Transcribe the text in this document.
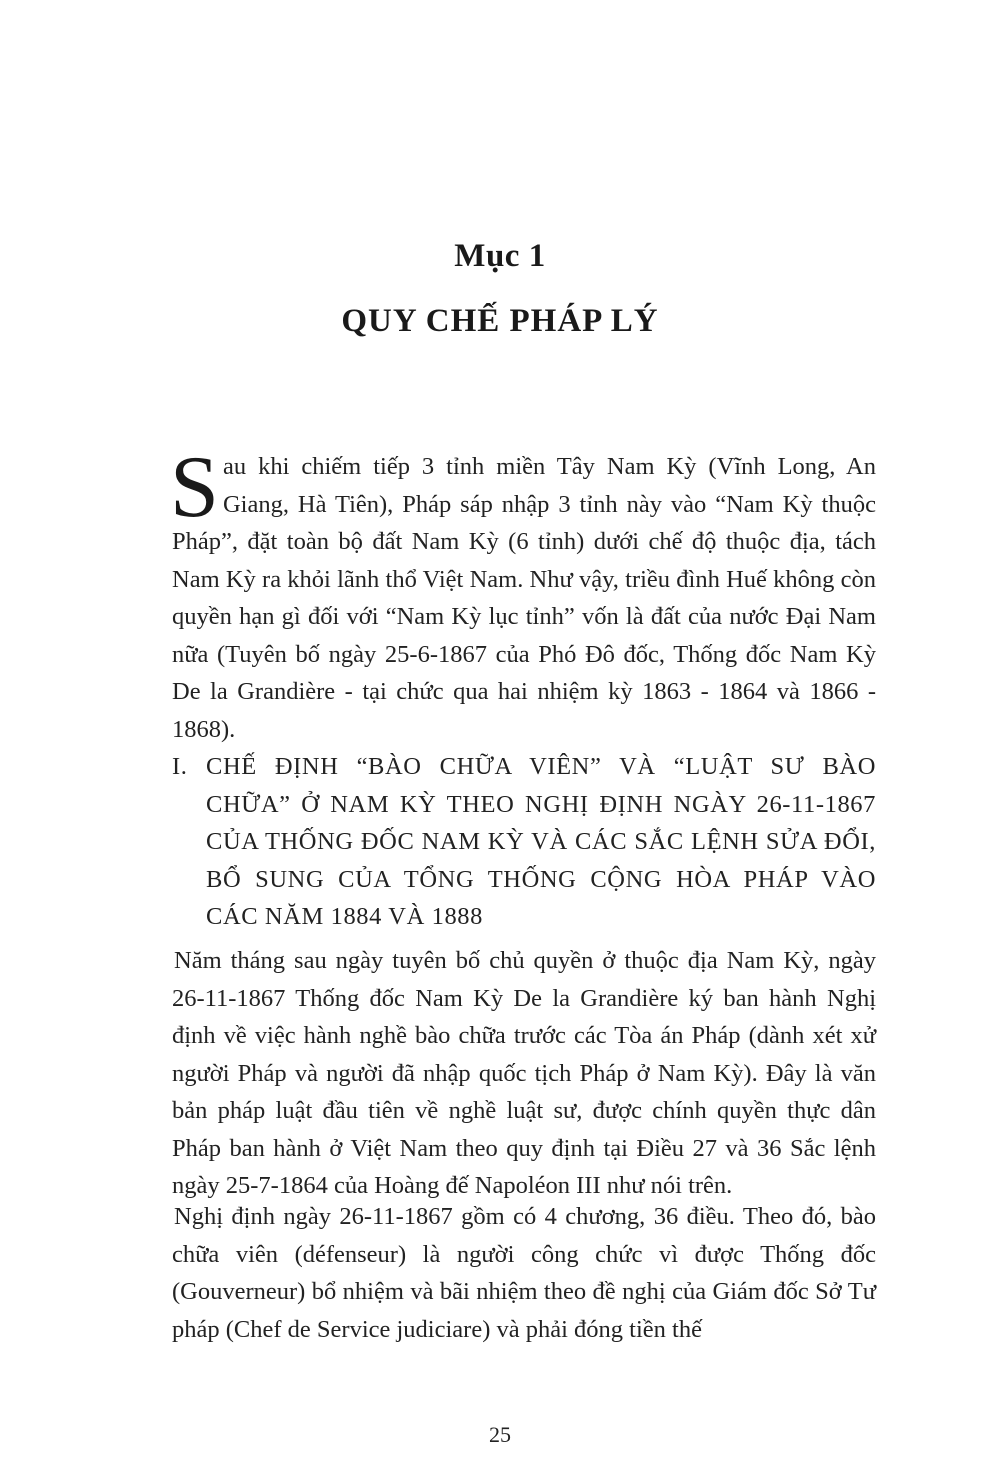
Mục 1
QUY CHẾ PHÁP LÝ
S au khi chiếm tiếp 3 tỉnh miền Tây Nam Kỳ (Vĩnh Long, An Giang, Hà Tiên), Pháp sáp nhập 3 tỉnh này vào “Nam Kỳ thuộc Pháp”, đặt toàn bộ đất Nam Kỳ (6 tỉnh) dưới chế độ thuộc địa, tách Nam Kỳ ra khỏi lãnh thổ Việt Nam. Như vậy, triều đình Huế không còn quyền hạn gì đối với “Nam Kỳ lục tỉnh” vốn là đất của nước Đại Nam nữa (Tuyên bố ngày 25-6-1867 của Phó Đô đốc, Thống đốc Nam Kỳ De la Grandière - tại chức qua hai nhiệm kỳ 1863 - 1864 và 1866 - 1868).
I. CHẾ ĐỊNH “BÀO CHỮA VIÊN” VÀ “LUẬT SƯ BÀO CHỮA” Ở NAM KỲ THEO NGHỊ ĐỊNH NGÀY 26-11-1867 CỦA THỐNG ĐỐC NAM KỲ VÀ CÁC SẮC LỆNH SỬA ĐỔI, BỔ SUNG CỦA TỔNG THỐNG CỘNG HÒA PHÁP VÀO CÁC NĂM 1884 VÀ 1888
Năm tháng sau ngày tuyên bố chủ quyền ở thuộc địa Nam Kỳ, ngày 26-11-1867 Thống đốc Nam Kỳ De la Grandière ký ban hành Nghị định về việc hành nghề bào chữa trước các Tòa án Pháp (dành xét xử người Pháp và người đã nhập quốc tịch Pháp ở Nam Kỳ). Đây là văn bản pháp luật đầu tiên về nghề luật sư, được chính quyền thực dân Pháp ban hành ở Việt Nam theo quy định tại Điều 27 và 36 Sắc lệnh ngày 25-7-1864 của Hoàng đế Napoléon III như nói trên.
Nghị định ngày 26-11-1867 gồm có 4 chương, 36 điều. Theo đó, bào chữa viên (défenseur) là người công chức vì được Thống đốc (Gouverneur) bổ nhiệm và bãi nhiệm theo đề nghị của Giám đốc Sở Tư pháp (Chef de Service judiciare) và phải đóng tiền thế
25
